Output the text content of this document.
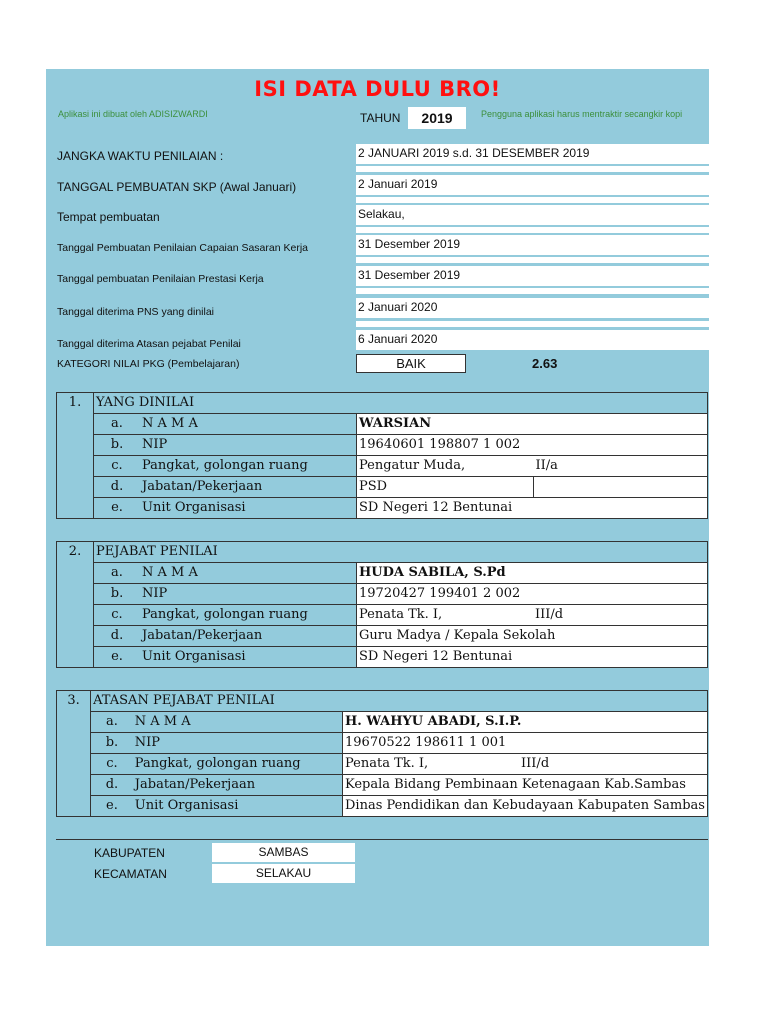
ISI DATA DULU BRO!
Aplikasi ini dibuat oleh ADISIZWARDI	TAHUN	2019	Pengguna aplikasi harus mentraktir secangkir kopi
JANGKA WAKTU PENILAIAN :	2 JANUARI 2019 s.d. 31 DESEMBER 2019
TANGGAL PEMBUATAN SKP (Awal Januari)	2 Januari 2019
Tempat pembuatan	Selakau,
Tanggal Pembuatan Penilaian Capaian Sasaran Kerja	31 Desember 2019
Tanggal pembuatan Penilaian Prestasi Kerja	31 Desember 2019
Tanggal diterima PNS yang dinilai	2 Januari 2020
Tanggal diterima Atasan pejabat Penilai	6 Januari 2020
KATEGORI NILAI PKG (Pembelajaran)	BAIK	2.63
1.	YANG DINILAI			
	a.	N A M A	WARSIAN	
	b.	NIP	19640601 198807 1 002	
	c.	Pangkat, golongan ruang	Pengatur Muda,	II/a
	d.	Jabatan/Pekerjaan	PSD	
	e.	Unit Organisasi	SD Negeri 12 Bentunai	
2.	PEJABAT PENILAI			
	a.	N A M A	HUDA SABILA, S.Pd	
	b.	NIP	19720427 199401 2 002	
	c.	Pangkat, golongan ruang	Penata Tk. I,	III/d
	d.	Jabatan/Pekerjaan	Guru Madya / Kepala Sekolah	
	e.	Unit Organisasi	SD Negeri 12 Bentunai	
3.	ATASAN PEJABAT PENILAI			
	a.	N A M A	H. WAHYU ABADI, S.I.P.	
	b.	NIP	19670522 198611 1 001	
	c.	Pangkat, golongan ruang	Penata Tk. I,	III/d
	d.	Jabatan/Pekerjaan	Kepala Bidang Pembinaan Ketenagaan Kab.Sambas	
	e.	Unit Organisasi	Dinas Pendidikan dan Kebudayaan Kabupaten Sambas	
KABUPATEN	SAMBAS
KECAMATAN	SELAKAU
